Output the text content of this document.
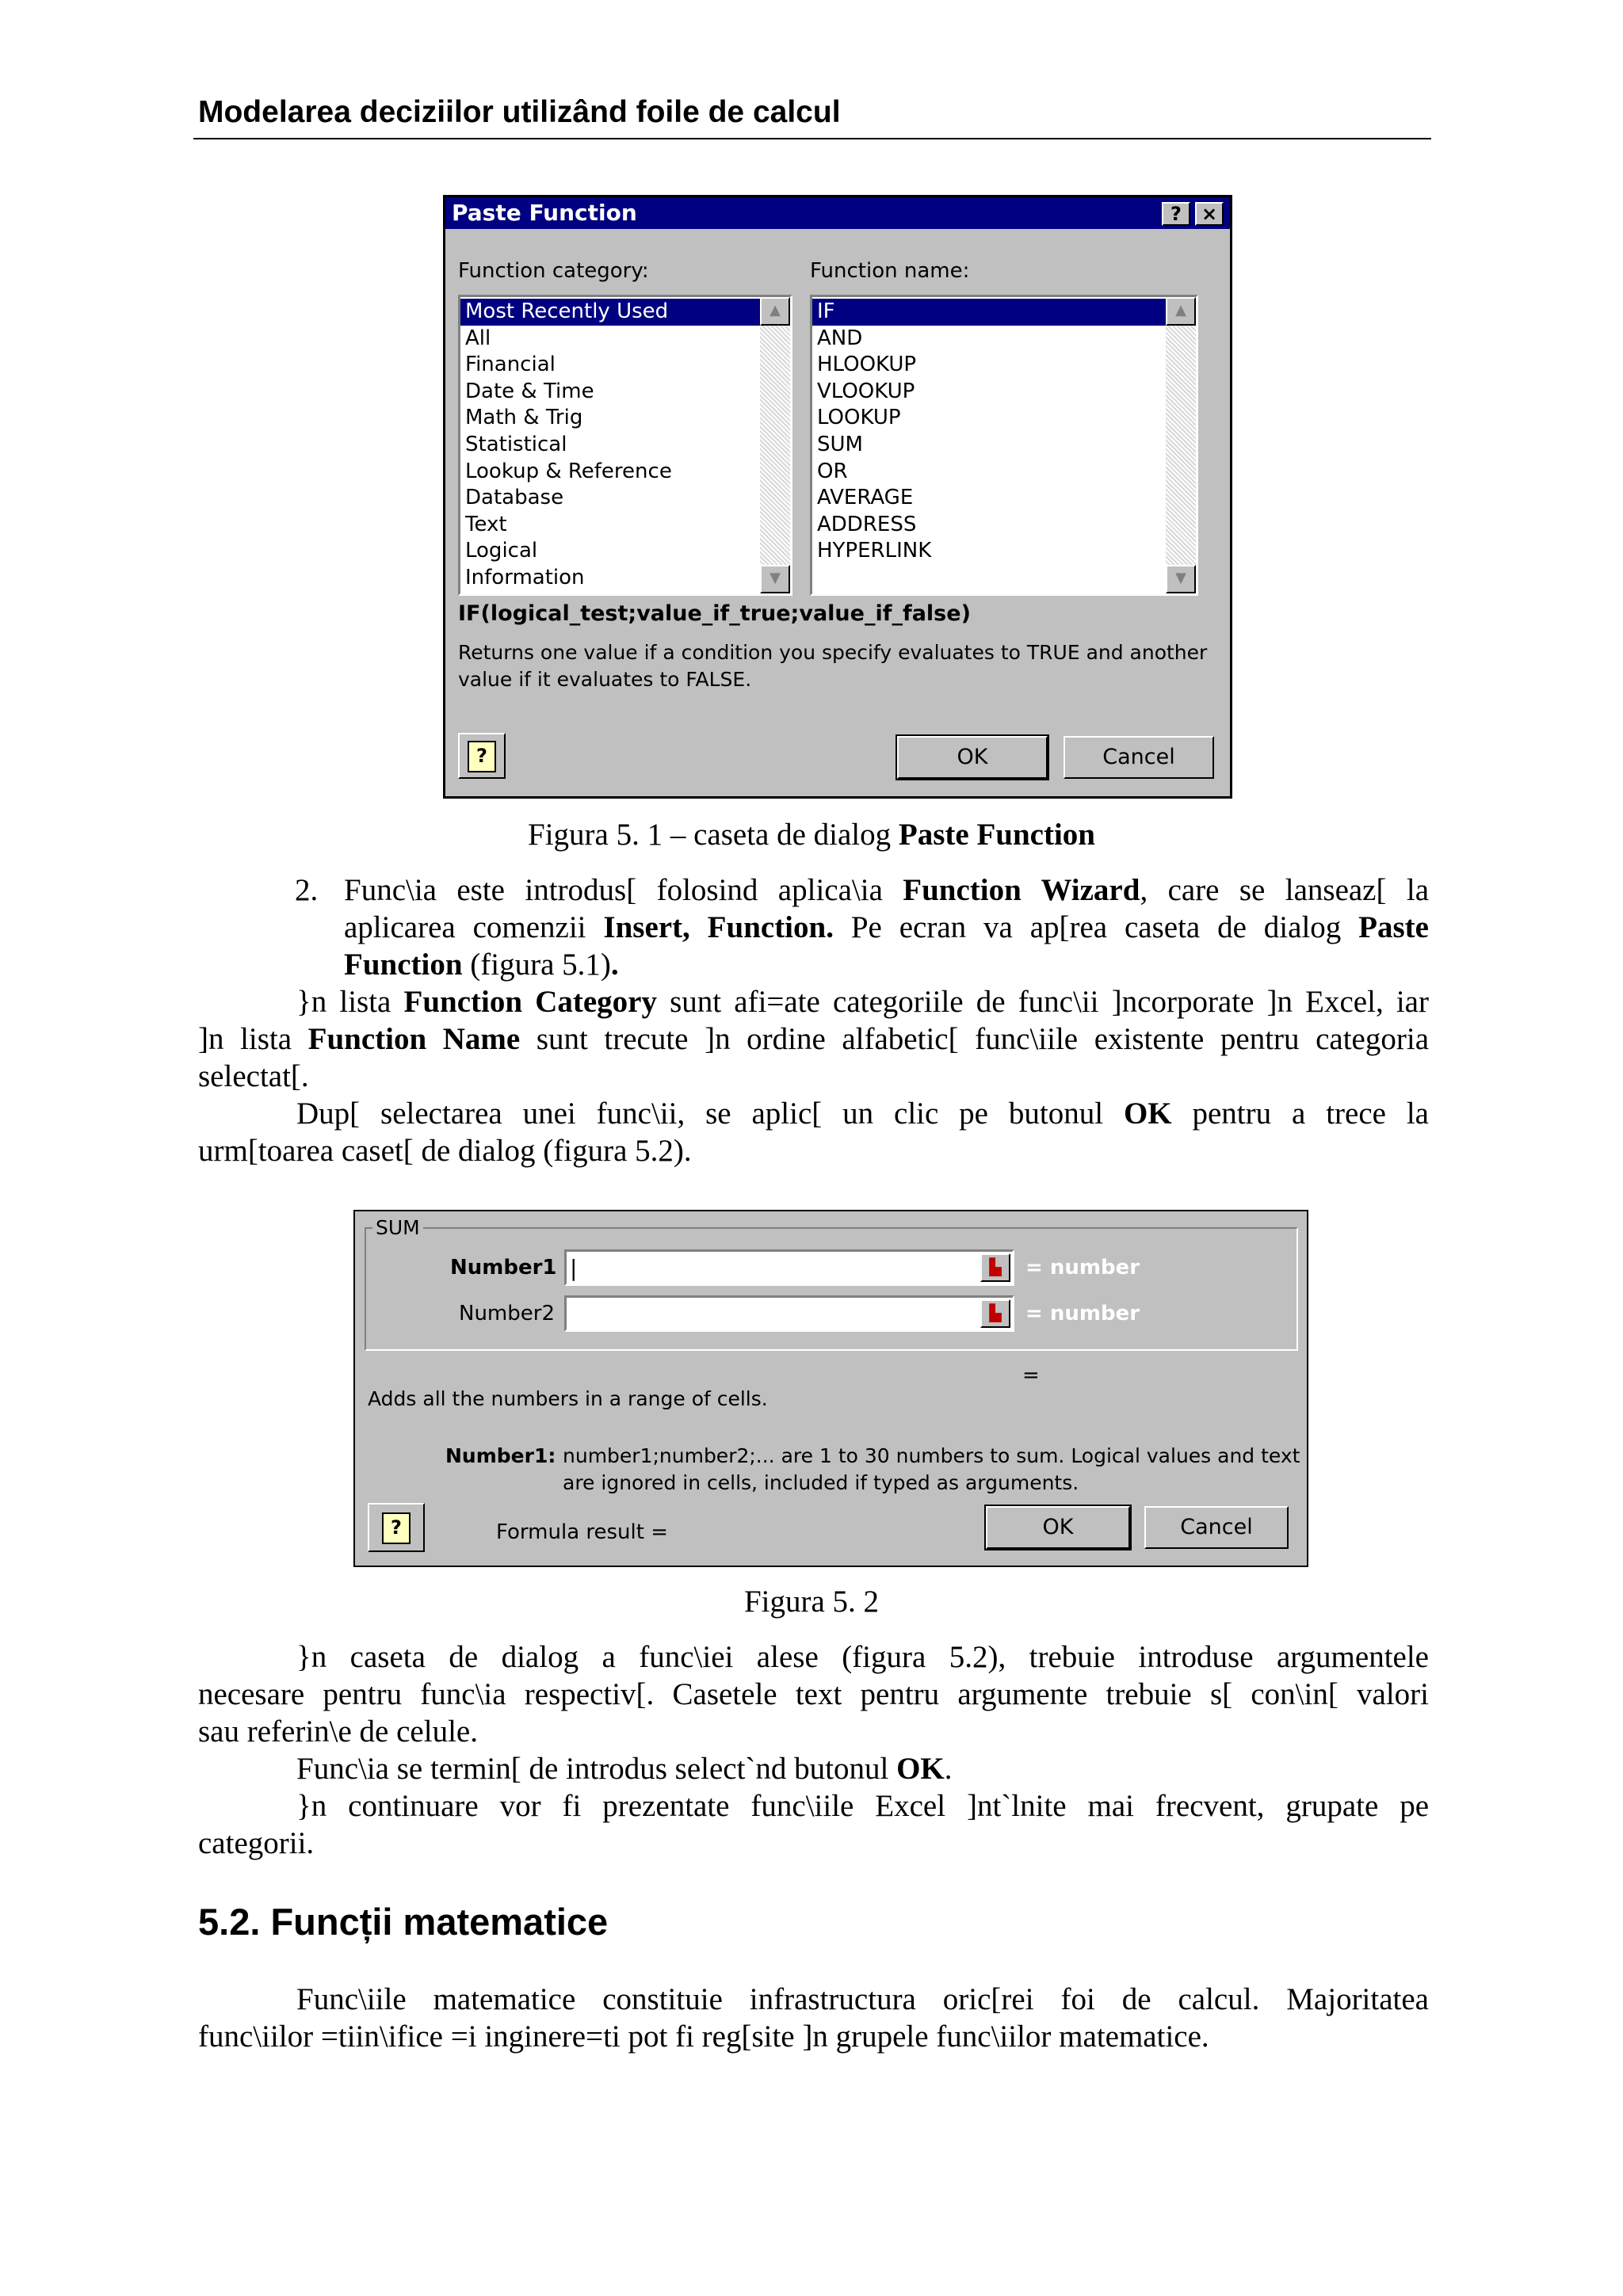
Modelarea deciziilor utilizând foile de calcul
Paste Function	?	×
Function category:	Function name:
Most Recently Used
All
Financial
Date & Time
Math & Trig
Statistical
Lookup & Reference
Database
Text
Logical
Information
▲
▼
IF
AND
HLOOKUP
VLOOKUP
LOOKUP
SUM
OR
AVERAGE
ADDRESS
HYPERLINK
▲
▼
IF(logical_test;value_if_true;value_if_false)
Returns one value if a condition you specify evaluates to TRUE and another
value if it evaluates to FALSE.
?	OK	Cancel
Figura 5. 1 – caseta de dialog Paste Function
2. Func\ia este introdus[ folosind aplica\ia Function Wizard, care se lanseaz[ la
aplicarea comenzii Insert, Function. Pe ecran va ap[rea caseta de dialog Paste
Function (figura 5.1).
}n lista Function Category sunt afi=ate categoriile de func\ii ]ncorporate ]n Excel, iar
]n lista Function Name sunt trecute ]n ordine alfabetic[ func\iile existente pentru categoria
selectat[.
Dup[ selectarea unei func\ii, se aplic[ un clic pe butonul OK pentru a trece la
urm[toarea caset[ de dialog (figura 5.2).
SUM
Number1 |	▙	= number
Number2	▙	= number
=
Adds all the numbers in a range of cells.
Number1: number1;number2;... are 1 to 30 numbers to sum. Logical values and text
are ignored in cells, included if typed as arguments.
?	Formula result =	OK	Cancel
Figura 5. 2
}n caseta de dialog a func\iei alese (figura 5.2), trebuie introduse argumentele
necesare pentru func\ia respectiv[. Casetele text pentru argumente trebuie s[ con\in[ valori
sau referin\e de celule.
Func\ia se termin[ de introdus select`nd butonul OK.
}n continuare vor fi prezentate func\iile Excel ]nt`lnite mai frecvent, grupate pe
categorii.
5.2. Funcții matematice
Func\iile matematice constituie infrastructura oric[rei foi de calcul. Majoritatea
func\iilor =tiin\ifice =i inginere=ti pot fi reg[site ]n grupele func\iilor matematice.
